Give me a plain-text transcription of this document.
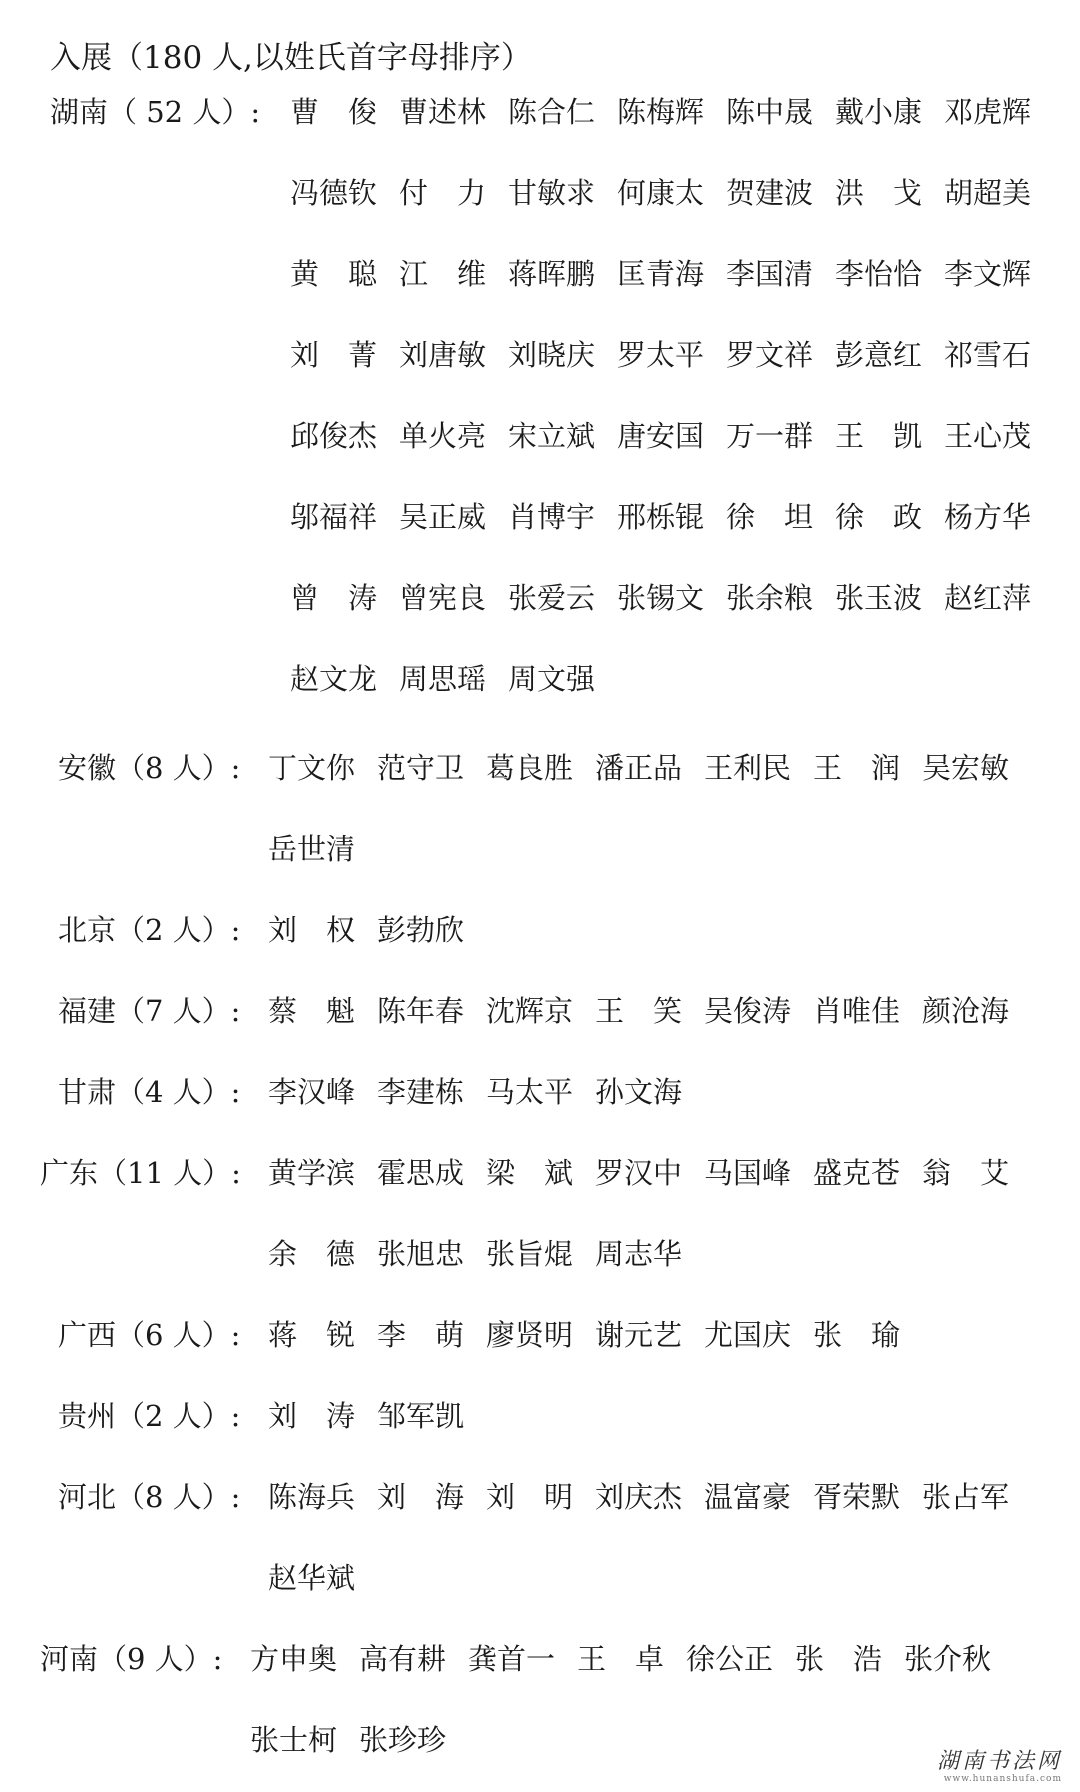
入展（180 人,以姓氏首字母排序）
湖南（ 52 人）: 曹　俊 曹述林 陈合仁 陈梅辉 陈中晟 戴小康 邓虎辉
冯德钦 付　力 甘敏求 何康太 贺建波 洪　戈 胡超美
黄　聪 江　维 蒋晖鹏 匡青海 李国清 李怡恰 李文辉
刘　菁 刘唐敏 刘晓庆 罗太平 罗文祥 彭意红 祁雪石
邱俊杰 单火亮 宋立斌 唐安国 万一群 王　凯 王心茂
邬福祥 吴正威 肖博宇 邢栎锟 徐　坦 徐　政 杨方华
曾　涛 曾宪良 张爱云 张锡文 张余粮 张玉波 赵红萍
赵文龙 周思瑶 周文强
安徽（8 人）: 丁文你 范守卫 葛良胜 潘正品 王利民 王　润 吴宏敏
岳世清
北京（2 人）: 刘　权 彭勃欣
福建（7 人）: 蔡　魁 陈年春 沈辉京 王　笑 吴俊涛 肖唯佳 颜沧海
甘肃（4 人）: 李汉峰 李建栋 马太平 孙文海
广东（11 人）: 黄学滨 霍思成 梁　斌 罗汉中 马国峰 盛克苍 翁　艾
余　德 张旭忠 张旨焜 周志华
广西（6 人）: 蒋　锐 李　萌 廖贤明 谢元艺 尤国庆 张　瑜
贵州（2 人）: 刘　涛 邹军凯
河北（8 人）: 陈海兵 刘　海 刘　明 刘庆杰 温富豪 胥荣默 张占军
赵华斌
河南（9 人）: 方申奥 高有耕 龚首一 王　卓 徐公正 张　浩 张介秋
张士柯 张珍珍
湖南书法网
www.hunanshufa.com
